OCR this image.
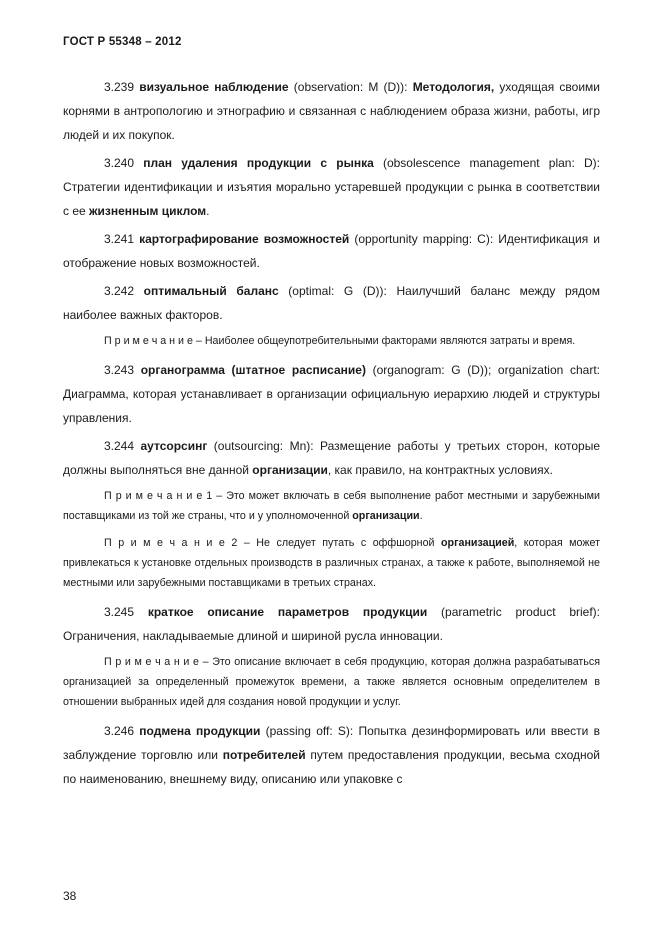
ГОСТ Р 55348 – 2012

3.239 визуальное наблюдение (observation: M (D)): Методология, уходящая своими корнями в антропологию и этнографию и связанная с наблюдением образа жизни, работы, игр людей и их покупок.

3.240 план удаления продукции с рынка (obsolescence management plan: D): Стратегии идентификации и изъятия морально устаревшей продукции с рынка в соответствии с ее жизненным циклом.

3.241 картографирование возможностей (opportunity mapping: C): Идентификация и отображение новых возможностей.

3.242 оптимальный баланс (optimal: G (D)): Наилучший баланс между рядом наиболее важных факторов.

П р и м е ч а н и е – Наиболее общеупотребительными факторами являются затраты и время.

3.243 органограмма (штатное расписание) (organogram: G (D)); organization chart: Диаграмма, которая устанавливает в организации официальную иерархию людей и структуры управления.

3.244 аутсорсинг (outsourcing: Mn): Размещение работы у третьих сторон, которые должны выполняться вне данной организации, как правило, на контрактных условиях.

П р и м е ч а н и е 1 – Это может включать в себя выполнение работ местными и зарубежными поставщиками из той же страны, что и у уполномоченной организации.

П р и м е ч а н и е 2 – Не следует путать с оффшорной организацией, которая может привлекаться к установке отдельных производств в различных странах, а также к работе, выполняемой не местными или зарубежными поставщиками в третьих странах.

3.245 краткое описание параметров продукции (parametric product brief): Ограничения, накладываемые длиной и шириной русла инновации.

П р и м е ч а н и е – Это описание включает в себя продукцию, которая должна разрабатываться организацией за определенный промежуток времени, а также является основным определителем в отношении выбранных идей для создания новой продукции и услуг.

3.246 подмена продукции (passing off: S): Попытка дезинформировать или ввести в заблуждение торговлю или потребителей путем предоставления продукции, весьма сходной по наименованию, внешнему виду, описанию или упаковке с

38
